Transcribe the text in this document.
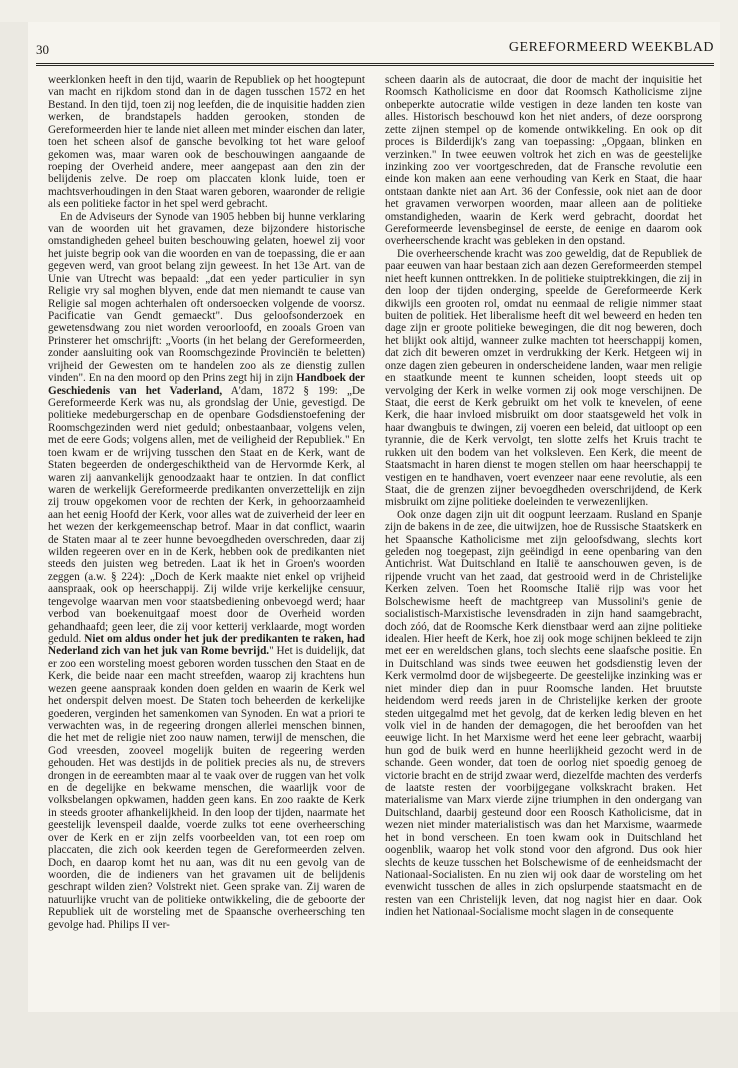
30	GEREFORMEERD WEEKBLAD

weerklonken heeft in den tijd, waarin de Republiek op het hoogtepunt van macht en rijkdom stond dan in de dagen tusschen 1572 en het Bestand. In den tijd, toen zij nog leefden, die de inquisitie hadden zien werken, de brandstapels hadden gerooken, stonden de Gereformeerden hier te lande niet alleen met minder eischen dan later, toen het scheen alsof de gansche bevolking tot het ware geloof gekomen was, maar waren ook de beschouwingen aangaande de roeping der Overheid andere, meer aangepast aan den zin der belijdenis zelve. De roep om placcaten klonk luide, toen er machtsverhoudingen in den Staat waren geboren, waaronder de religie als een politieke factor in het spel werd gebracht.

En de Adviseurs der Synode van 1905 hebben bij hunne verklaring van de woorden uit het gravamen, deze bijzondere historische omstandigheden geheel buiten beschouwing gelaten, hoewel zij voor het juiste begrip ook van die woorden en van de toepassing, die er aan gegeven werd, van groot belang zijn geweest. In het 13e Art. van de Unie van Utrecht was bepaald: „dat een yeder particulier in syn Religie vry sal moghen blyven, ende dat men niemandt te cause van Religie sal mogen achterhalen oft ondersoecken volgende de voorsz. Pacificatie van Gendt gemaeckt". Dus geloofsonderzoek en gewetensdwang zou niet worden veroorloofd, en zooals Groen van Prinsterer het omschrijft: „Voorts (in het belang der Gereformeerden, zonder aansluiting ook van Roomschgezinde Provinciën te beletten) vrijheid der Gewesten om te handelen zoo als ze dienstig zullen vinden". En na den moord op den Prins zegt hij in zijn Handboek der Geschiedenis van het Vaderland, A'dam, 1872 § 199: „De Gereformeerde Kerk was nu, als grondslag der Unie, gevestigd. De politieke medeburgerschap en de openbare Godsdienstoefening der Roomschgezinden werd niet geduld; onbestaanbaar, volgens velen, met de eere Gods; volgens allen, met de veiligheid der Republiek." En toen kwam er de wrijving tusschen den Staat en de Kerk, want de Staten begeerden de ondergeschiktheid van de Hervormde Kerk, al waren zij aanvankelijk genoodzaakt haar te ontzien. In dat conflict waren de werkelijk Gereformeerde predikanten onverzettelijk en zijn zij trouw opgekomen voor de rechten der Kerk, in gehoorzaamheid aan het eenig Hoofd der Kerk, voor alles wat de zuiverheid der leer en het wezen der kerkgemeenschap betrof. Maar in dat conflict, waarin de Staten maar al te zeer hunne bevoegdheden overschreden, daar zij wilden regeeren over en in de Kerk, hebben ook de predikanten niet steeds den juisten weg betreden. Laat ik het in Groen's woorden zeggen (a.w. § 224): „Doch de Kerk maakte niet enkel op vrijheid aanspraak, ook op heerschappij. Zij wilde vrije kerkelijke censuur, tengevolge waarvan men voor staatsbediening onbevoegd werd; haar verbod van boekenuitgaaf moest door de Overheid worden gehandhaafd; geen leer, die zij voor ketterij verklaarde, mogt worden geduld. Niet om aldus onder het juk der predikanten te raken, had Nederland zich van het juk van Rome bevrijd." Het is duidelijk, dat er zoo een worsteling moest geboren worden tusschen den Staat en de Kerk, die beide naar een macht streefden, waarop zij krachtens hun wezen geene aanspraak konden doen gelden en waarin de Kerk wel het onderspit delven moest. De Staten toch beheerden de kerkelijke goederen, verginden het samenkomen van Synoden. En wat a priori te verwachten was, in de regeering drongen allerlei menschen binnen, die het met de religie niet zoo nauw namen, terwijl de menschen, die God vreesden, zooveel mogelijk buiten de regeering werden gehouden. Het was destijds in de politiek precies als nu, de strevers drongen in de eereambten maar al te vaak over de ruggen van het volk en de degelijke en bekwame menschen, die waarlijk voor de volksbelangen opkwamen, hadden geen kans. En zoo raakte de Kerk in steeds grooter afhankelijkheid. In den loop der tijden, naarmate het geestelijk levenspeil daalde, voerde zulks tot eene overheersching over de Kerk en er zijn zelfs voorbeelden van, tot een roep om placcaten, die zich ook keerden tegen de Gereformeerden zelven. Doch, en daarop komt het nu aan, was dit nu een gevolg van de woorden, die de indieners van het gravamen uit de belijdenis geschrapt wilden zien? Volstrekt niet. Geen sprake van. Zij waren de natuurlijke vrucht van de politieke ontwikkeling, die de geboorte der Republiek uit de worsteling met de Spaansche overheersching ten gevolge had. Philips II ver-

scheen daarin als de autocraat, die door de macht der inquisitie het Roomsch Katholicisme en door dat Roomsch Katholicisme zijne onbeperkte autocratie wilde vestigen in deze landen ten koste van alles. Historisch beschouwd kon het niet anders, of deze oorsprong zette zijnen stempel op de komende ontwikkeling. En ook op dit proces is Bilderdijk's zang van toepassing: „Opgaan, blinken en verzinken." In twee eeuwen voltrok het zich en was de geestelijke inzinking zoo ver voortgeschreden, dat de Fransche revolutie een einde kon maken aan eene verhouding van Kerk en Staat, die haar ontstaan dankte niet aan Art. 36 der Confessie, ook niet aan de door het gravamen verworpen woorden, maar alleen aan de politieke omstandigheden, waarin de Kerk werd gebracht, doordat het Gereformeerde levensbeginsel de eerste, de eenige en daarom ook overheerschende kracht was gebleken in den opstand.

Die overheerschende kracht was zoo geweldig, dat de Republiek de paar eeuwen van haar bestaan zich aan dezen Gereformeerden stempel niet heeft kunnen onttrekken. In de politieke stuiptrekkingen, die zij in den loop der tijden onderging, speelde de Gereformeerde Kerk dikwijls een grooten rol, omdat nu eenmaal de religie nimmer staat buiten de politiek. Het liberalisme heeft dit wel beweerd en heden ten dage zijn er groote politieke bewegingen, die dit nog beweren, doch het blijkt ook altijd, wanneer zulke machten tot heerschappij komen, dat zich dit beweren omzet in verdrukking der Kerk. Hetgeen wij in onze dagen zien gebeuren in onderscheidene landen, waar men religie en staatkunde meent te kunnen scheiden, loopt steeds uit op vervolging der Kerk in welke vormen zij ook moge verschijnen. De Staat, die eerst de Kerk gebruikt om het volk te knevelen, of eene Kerk, die haar invloed misbruikt om door staatsgeweld het volk in haar dwangbuis te dwingen, zij voeren een beleid, dat uitloopt op een tyrannie, die de Kerk vervolgt, ten slotte zelfs het Kruis tracht te rukken uit den bodem van het volksleven. Een Kerk, die meent de Staatsmacht in haren dienst te mogen stellen om haar heerschappij te vestigen en te handhaven, voert evenzeer naar eene revolutie, als een Staat, die de grenzen zijner bevoegdheden overschrijdend, de Kerk misbruikt om zijne politieke doeleinden te verwezenlijken.

Ook onze dagen zijn uit dit oogpunt leerzaam. Rusland en Spanje zijn de bakens in de zee, die uitwijzen, hoe de Russische Staatskerk en het Spaansche Katholicisme met zijn geloofsdwang, slechts kort geleden nog toegepast, zijn geëindigd in eene openbaring van den Antichrist. Wat Duitschland en Italië te aanschouwen geven, is de rijpende vrucht van het zaad, dat gestrooid werd in de Christelijke Kerken zelven. Toen het Roomsche Italië rijp was voor het Bolschewisme heeft de machtgreep van Mussolini's genie de socialistisch-Marxistische levensdraden in zijn hand saamgebracht, doch zóó, dat de Roomsche Kerk dienstbaar werd aan zijne politieke idealen. Hier heeft de Kerk, hoe zij ook moge schijnen bekleed te zijn met eer en wereldschen glans, toch slechts eene slaafsche positie. En in Duitschland was sinds twee eeuwen het godsdienstig leven der Kerk vermolmd door de wijsbegeerte. De geestelijke inzinking was er niet minder diep dan in puur Roomsche landen. Het bruutste heidendom werd reeds jaren in de Christelijke kerken der groote steden uitgegalmd met het gevolg, dat de kerken ledig bleven en het volk viel in de handen der demagogen, die het beroofden van het eeuwige licht. In het Marxisme werd het eene leer gebracht, waarbij hun god de buik werd en hunne heerlijkheid gezocht werd in de schande. Geen wonder, dat toen de oorlog niet spoedig genoeg de victorie bracht en de strijd zwaar werd, diezelfde machten des verderfs de laatste resten der voorbijgegane volkskracht braken. Het materialisme van Marx vierde zijne triumphen in den ondergang van Duitschland, daarbij gesteund door een Roosch Katholicisme, dat in wezen niet minder materialistisch was dan het Marxisme, waarmede het in bond verscheen. En toen kwam ook in Duitschland het oogenblik, waarop het volk stond voor den afgrond. Dus ook hier slechts de keuze tusschen het Bolschewisme of de eenheidsmacht der Nationaal-Socialisten. En nu zien wij ook daar de worsteling om het evenwicht tusschen de alles in zich opslurpende staatsmacht en de resten van een Christelijk leven, dat nog nagist hier en daar. Ook indien het Nationaal-Socialisme mocht slagen in de consequente
